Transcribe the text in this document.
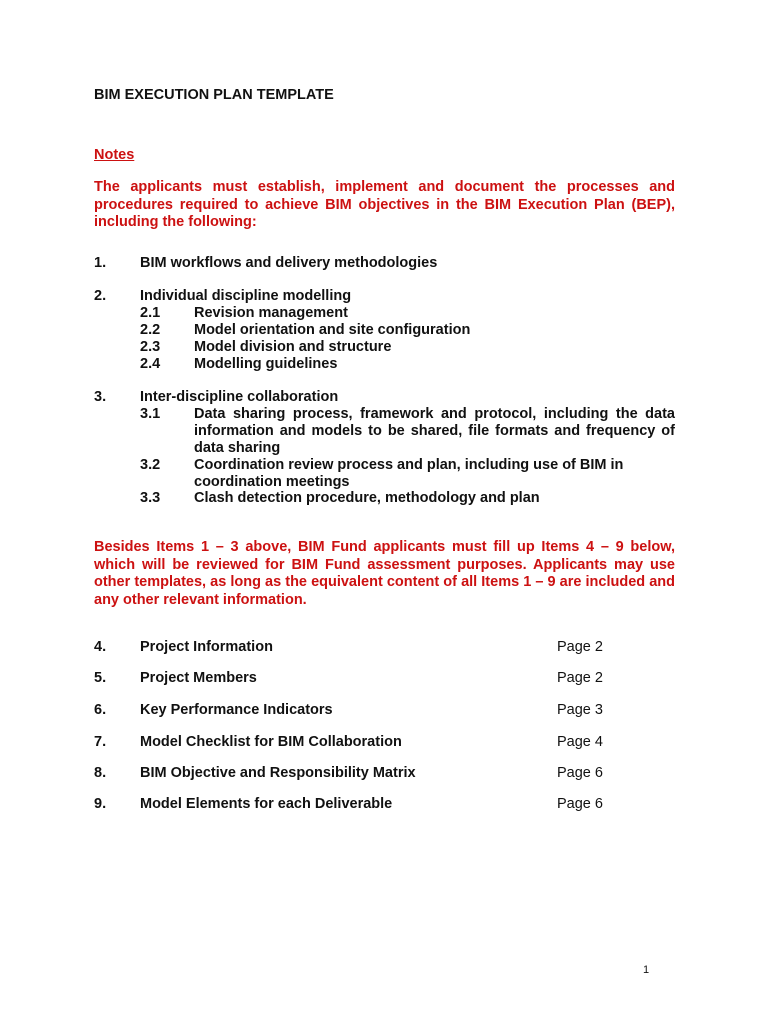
BIM EXECUTION PLAN TEMPLATE
Notes
The applicants must establish, implement and document the processes and procedures required to achieve BIM objectives in the BIM Execution Plan (BEP), including the following:
1. BIM workflows and delivery methodologies
2. Individual discipline modelling
2.1 Revision management
2.2 Model orientation and site configuration
2.3 Model division and structure
2.4 Modelling guidelines
3. Inter-discipline collaboration
3.1 Data sharing process, framework and protocol, including the data information and models to be shared, file formats and frequency of data sharing
3.2 Coordination review process and plan, including use of BIM in coordination meetings
3.3 Clash detection procedure, methodology and plan
Besides Items 1 – 3 above, BIM Fund applicants must fill up Items 4 – 9 below, which will be reviewed for BIM Fund assessment purposes. Applicants may use other templates, as long as the equivalent content of all Items 1 – 9 are included and any other relevant information.
4. Project Information	Page 2
5. Project Members	Page 2
6. Key Performance Indicators	Page 3
7. Model Checklist for BIM Collaboration	Page 4
8. BIM Objective and Responsibility Matrix	Page 6
9. Model Elements for each Deliverable	Page 6
1
